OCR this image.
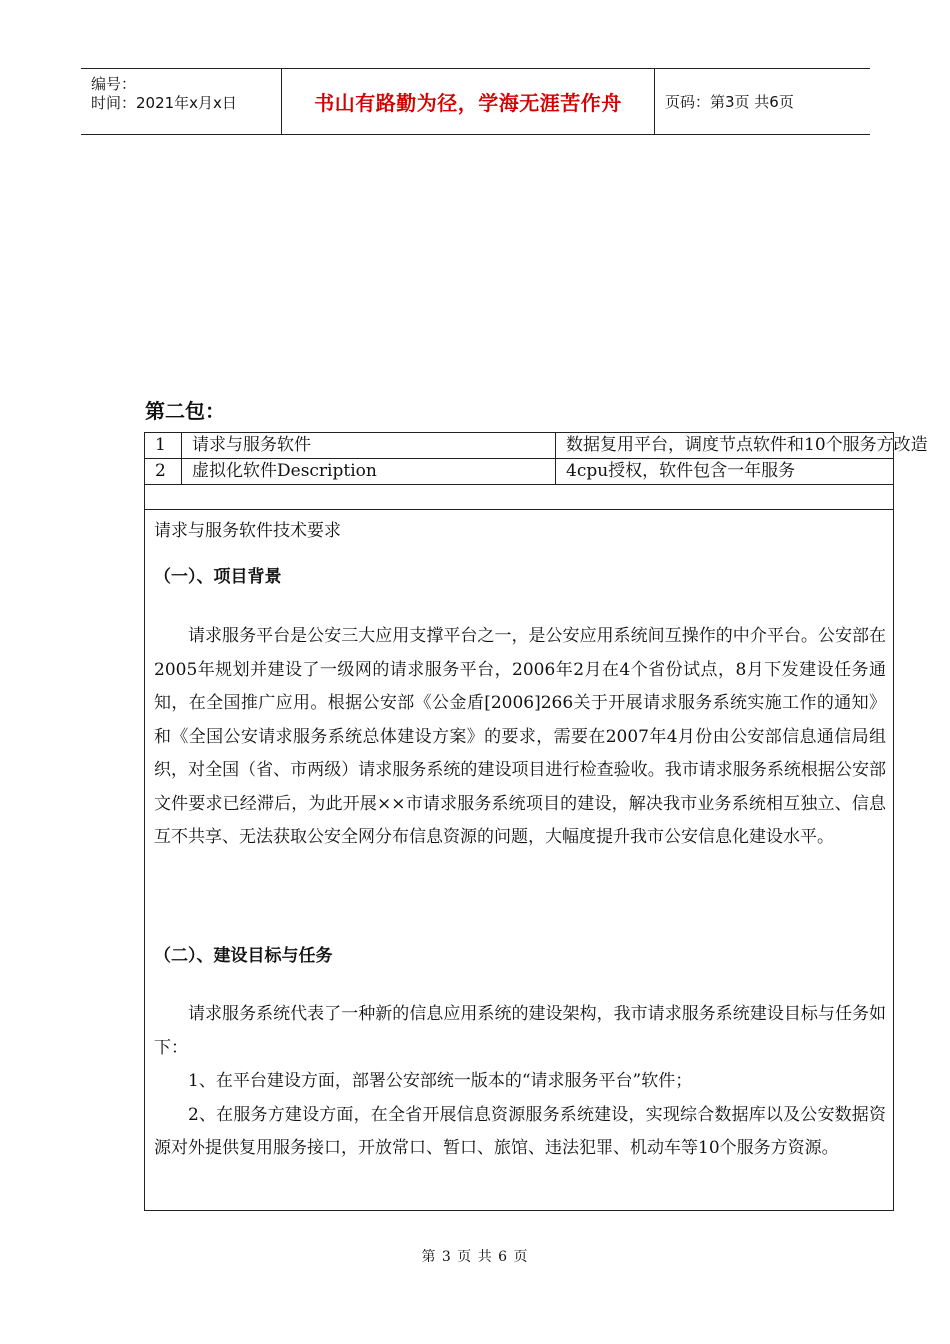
编号：
时间：2021年x月x日	书山有路勤为径，学海无涯苦作舟	页码：第3页 共6页
第二包：
1	请求与服务软件	数据复用平台，调度节点软件和10个服务方改造
2	虚拟化软件Description	4cpu授权，软件包含一年服务
请求与服务软件技术要求
（一）、项目背景
请求服务平台是公安三大应用支撑平台之一，是公安应用系统间互操作的中介平台。公安部在2005年规划并建设了一级网的请求服务平台，2006年2月在4个省份试点，8月下发建设任务通知，在全国推广应用。根据公安部《公金盾[2006]266关于开展请求服务系统实施工作的通知》和《全国公安请求服务系统总体建设方案》的要求，需要在2007年4月份由公安部信息通信局组织，对全国（省、市两级）请求服务系统的建设项目进行检查验收。我市请求服务系统根据公安部文件要求已经滞后，为此开展××市请求服务系统项目的建设，解决我市业务系统相互独立、信息互不共享、无法获取公安全网分布信息资源的问题，大幅度提升我市公安信息化建设水平。
（二）、建设目标与任务
请求服务系统代表了一种新的信息应用系统的建设架构，我市请求服务系统建设目标与任务如下：
1、在平台建设方面，部署公安部统一版本的“请求服务平台”软件；
2、在服务方建设方面，在全省开展信息资源服务系统建设，实现综合数据库以及公安数据资源对外提供复用服务接口，开放常口、暂口、旅馆、违法犯罪、机动车等10个服务方资源。
第 3 页 共 6 页
